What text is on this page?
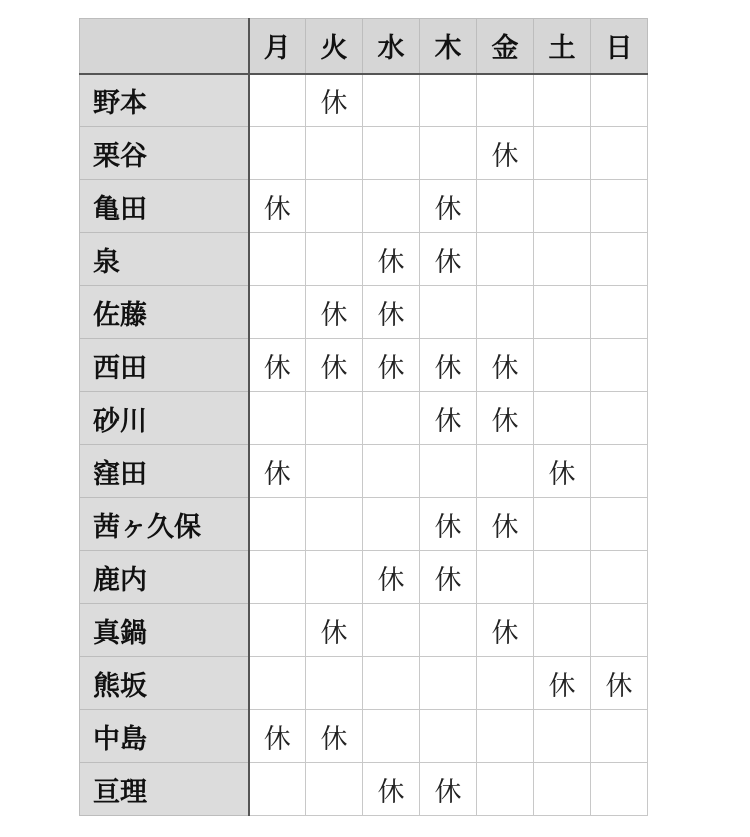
	月	火	水	木	金	土	日
野本		休					
栗谷					休		
亀田	休			休			
泉			休	休			
佐藤		休	休				
西田	休	休	休	休	休		
砂川				休	休		
窪田	休					休	
茜ヶ久保				休	休		
鹿内			休	休			
真鍋		休			休		
熊坂						休	休
中島	休	休					
亘理			休	休			
